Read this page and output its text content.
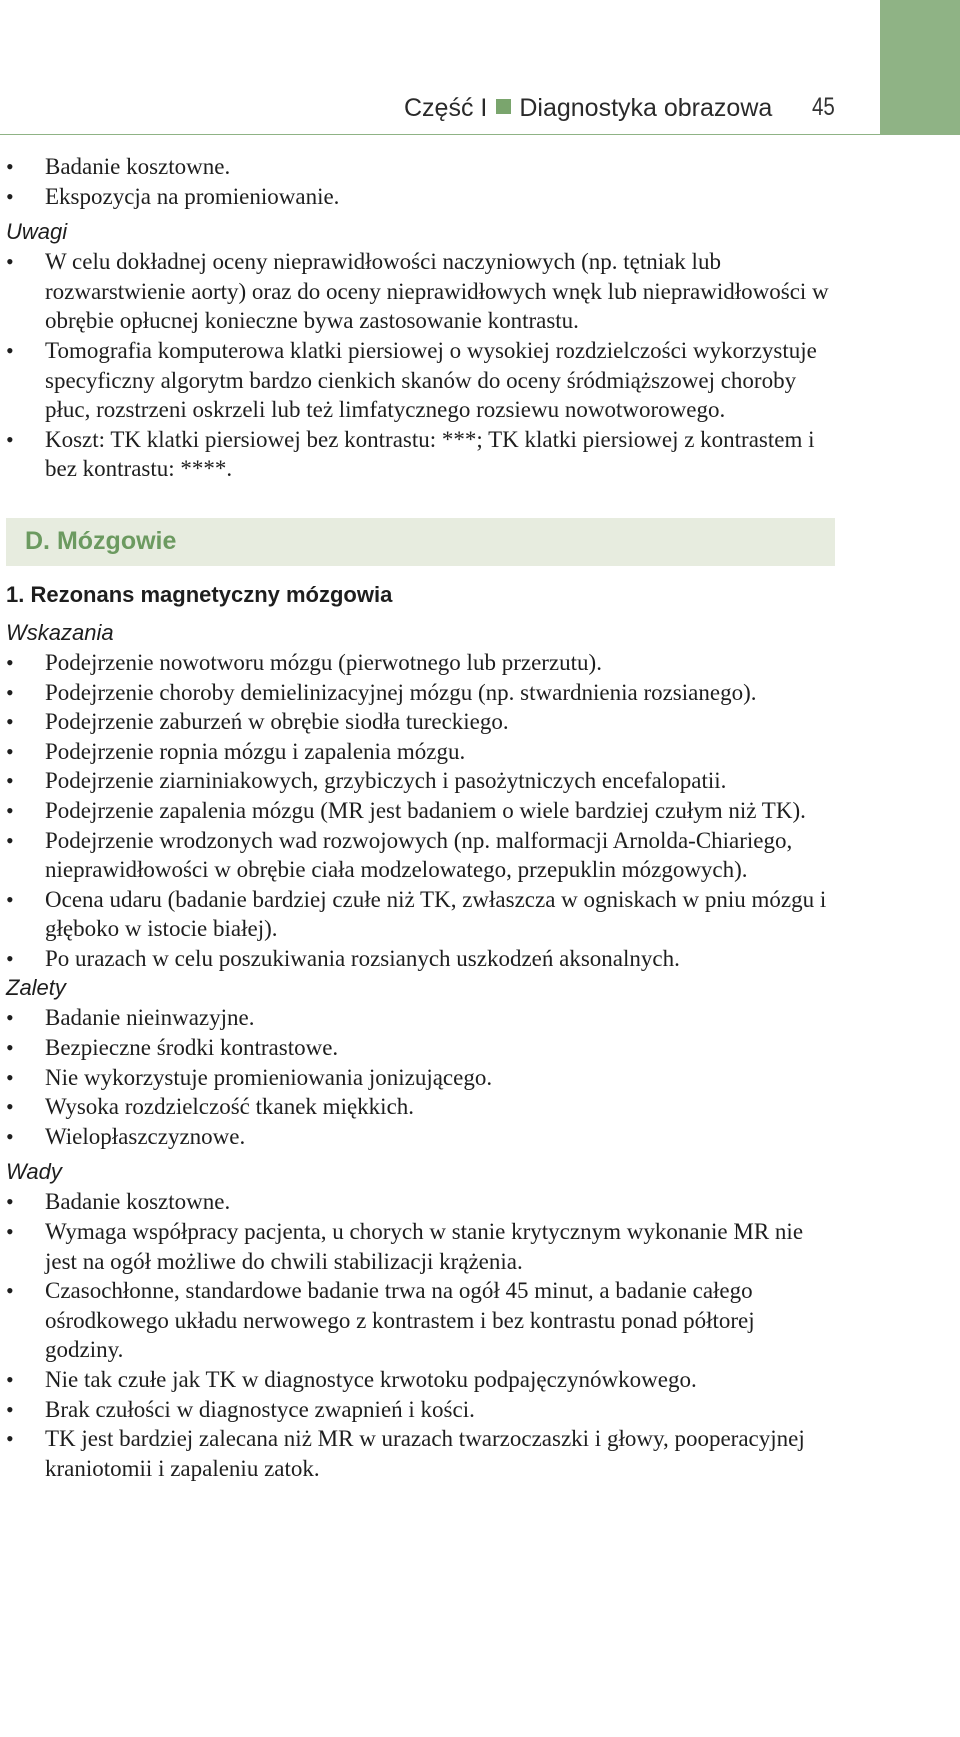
Część I Diagnostyka obrazowa 45
• Badanie kosztowne.
• Ekspozycja na promieniowanie.

Uwagi

• W celu dokładnej oceny nieprawidłowości naczyniowych (np. tętniak lub rozwarstwienie aorty) oraz do oceny nieprawidłowych wnęk lub nieprawidłowości w obrębie opłucnej konieczne bywa zastosowanie kontrastu.
• Tomografia komputerowa klatki piersiowej o wysokiej rozdzielczości wykorzystuje specyficzny algorytm bardzo cienkich skanów do oceny śródmiąższowej choroby płuc, rozstrzeni oskrzeli lub też limfatycznego rozsiewu nowotworowego.
• Koszt: TK klatki piersiowej bez kontrastu: ***; TK klatki piersiowej z kontrastem i bez kontrastu: ****.
D. Mózgowie

1. Rezonans magnetyczny mózgowia

Wskazania

• Podejrzenie nowotworu mózgu (pierwotnego lub przerzutu).
• Podejrzenie choroby demielinizacyjnej mózgu (np. stwardnienia rozsianego).
• Podejrzenie zaburzeń w obrębie siodła tureckiego.
• Podejrzenie ropnia mózgu i zapalenia mózgu.
• Podejrzenie ziarniniakowych, grzybiczych i pasożytniczych encefalopatii.
• Podejrzenie zapalenia mózgu (MR jest badaniem o wiele bardziej czułym niż TK).
• Podejrzenie wrodzonych wad rozwojowych (np. malformacji Arnolda-Chiariego, nieprawidłowości w obrębie ciała modzelowatego, przepuklin mózgowych).
• Ocena udaru (badanie bardziej czułe niż TK, zwłaszcza w ogniskach w pniu mózgu i głęboko w istocie białej).
• Po urazach w celu poszukiwania rozsianych uszkodzeń aksonalnych.

Zalety

• Badanie nieinwazyjne.
• Bezpieczne środki kontrastowe.
• Nie wykorzystuje promieniowania jonizującego.
• Wysoka rozdzielczość tkanek miękkich.
• Wielopłaszczyznowe.

Wady

• Badanie kosztowne.
• Wymaga współpracy pacjenta, u chorych w stanie krytycznym wykonanie MR nie jest na ogół możliwe do chwili stabilizacji krążenia.
• Czasochłonne, standardowe badanie trwa na ogół 45 minut, a badanie całego ośrodkowego układu nerwowego z kontrastem i bez kontrastu ponad półtorej godziny.
• Nie tak czułe jak TK w diagnostyce krwotoku podpajęczynówkowego.
• Brak czułości w diagnostyce zwapnień i kości.
• TK jest bardziej zalecana niż MR w urazach twarzoczaszki i głowy, pooperacyjnej kraniotomii i zapaleniu zatok.
